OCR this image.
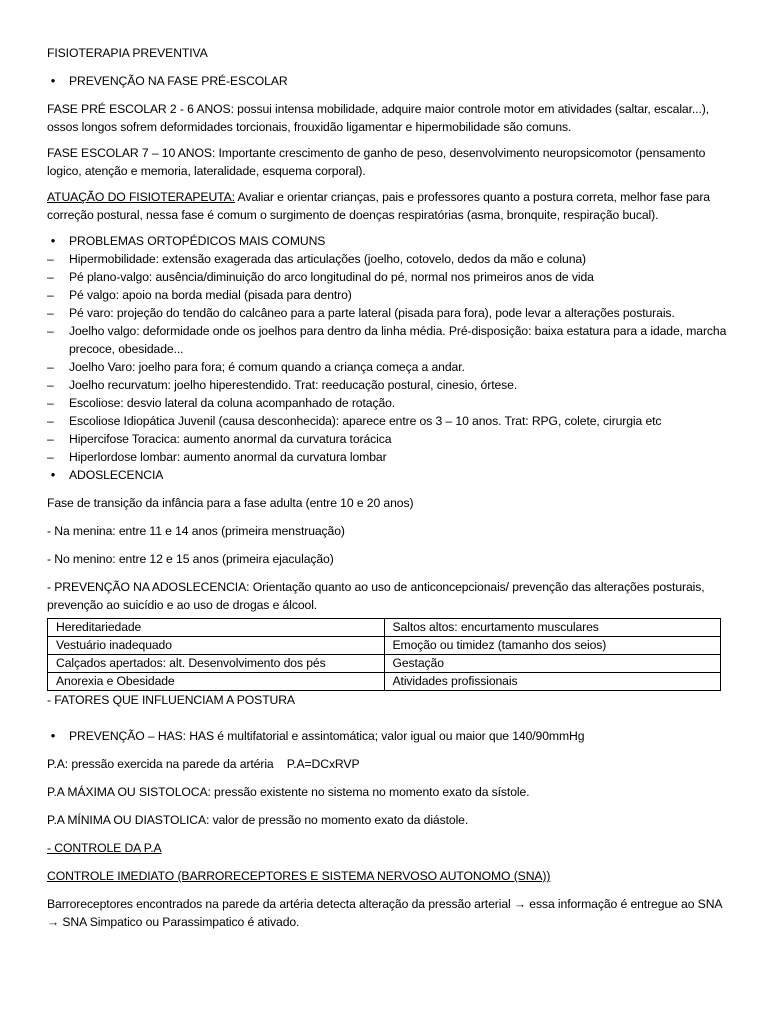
FISIOTERAPIA PREVENTIVA

•	PREVENÇÃO NA FASE PRÉ-ESCOLAR

FASE PRÉ ESCOLAR 2 - 6 ANOS: possui intensa mobilidade, adquire maior controle motor em atividades (saltar, escalar...), ossos longos sofrem deformidades torcionais, frouxidão ligamentar e hipermobilidade são comuns.

FASE ESCOLAR 7 – 10 ANOS: Importante crescimento de ganho de peso, desenvolvimento neuropsicomotor (pensamento logico, atenção e memoria, lateralidade, esquema corporal).

ATUAÇÃO DO FISIOTERAPEUTA: Avaliar e orientar crianças, pais e professores quanto a postura correta, melhor fase para correção postural, nessa fase é comum o surgimento de doenças respiratórias (asma, bronquite, respiração bucal).

•	PROBLEMAS ORTOPÉDICOS MAIS COMUNS

– Hipermobilidade: extensão exagerada das articulações (joelho, cotovelo, dedos da mão e coluna)
– Pé plano-valgo: ausência/diminuição do arco longitudinal do pé, normal nos primeiros anos de vida
– Pé valgo: apoio na borda medial (pisada para dentro)
– Pé varo: projeção do tendão do calcâneo para a parte lateral (pisada para fora), pode levar a alterações posturais.
– Joelho valgo: deformidade onde os joelhos para dentro da linha média. Pré-disposição: baixa estatura para a idade, marcha precoce, obesidade...
– Joelho Varo: joelho para fora; é comum quando a criança começa a andar.
– Joelho recurvatum: joelho hiperestendido. Trat: reeducação postural, cinesio, órtese.
– Escoliose: desvio lateral da coluna acompanhado de rotação.
– Escoliose Idiopática Juvenil (causa desconhecida): aparece entre os 3 – 10 anos. Trat: RPG, colete, cirurgia etc
– Hipercifose Toracica: aumento anormal da curvatura torácica
– Hiperlordose lombar: aumento anormal da curvatura lombar

•	ADOSLECENCIA

Fase de transição da infância para a fase adulta (entre 10 e 20 anos)

- Na menina: entre 11 e 14 anos (primeira menstruação)

- No menino: entre 12 e 15 anos (primeira ejaculação)

- PREVENÇÃO NA ADOSLECENCIA: Orientação quanto ao uso de anticoncepcionais/ prevenção das alterações posturais, prevenção ao suicídio e ao uso de drogas e álcool.

Hereditariedade	Saltos altos: encurtamento musculares
Vestuário inadequado	Emoção ou timidez (tamanho dos seios)
Calçados apertados: alt. Desenvolvimento dos pés	Gestação
Anorexia e Obesidade	Atividades profissionais

- FATORES QUE INFLUENCIAM A POSTURA

•	PREVENÇÃO – HAS: HAS é multifatorial e assintomática; valor igual ou maior que 140/90mmHg

P.A: pressão exercida na parede da artéria    P.A=DCxRVP

P.A MÁXIMA OU SISTOLOCA: pressão existente no sistema no momento exato da sístole.

P.A MÍNIMA OU DIASTOLICA: valor de pressão no momento exato da diástole.

- CONTROLE DA P.A

CONTROLE IMEDIATO (BARRORECEPTORES E SISTEMA NERVOSO AUTONOMO (SNA))

Barroreceptores encontrados na parede da artéria detecta alteração da pressão arterial → essa informação é entregue ao SNA → SNA Simpatico ou Parassimpatico é ativado.
